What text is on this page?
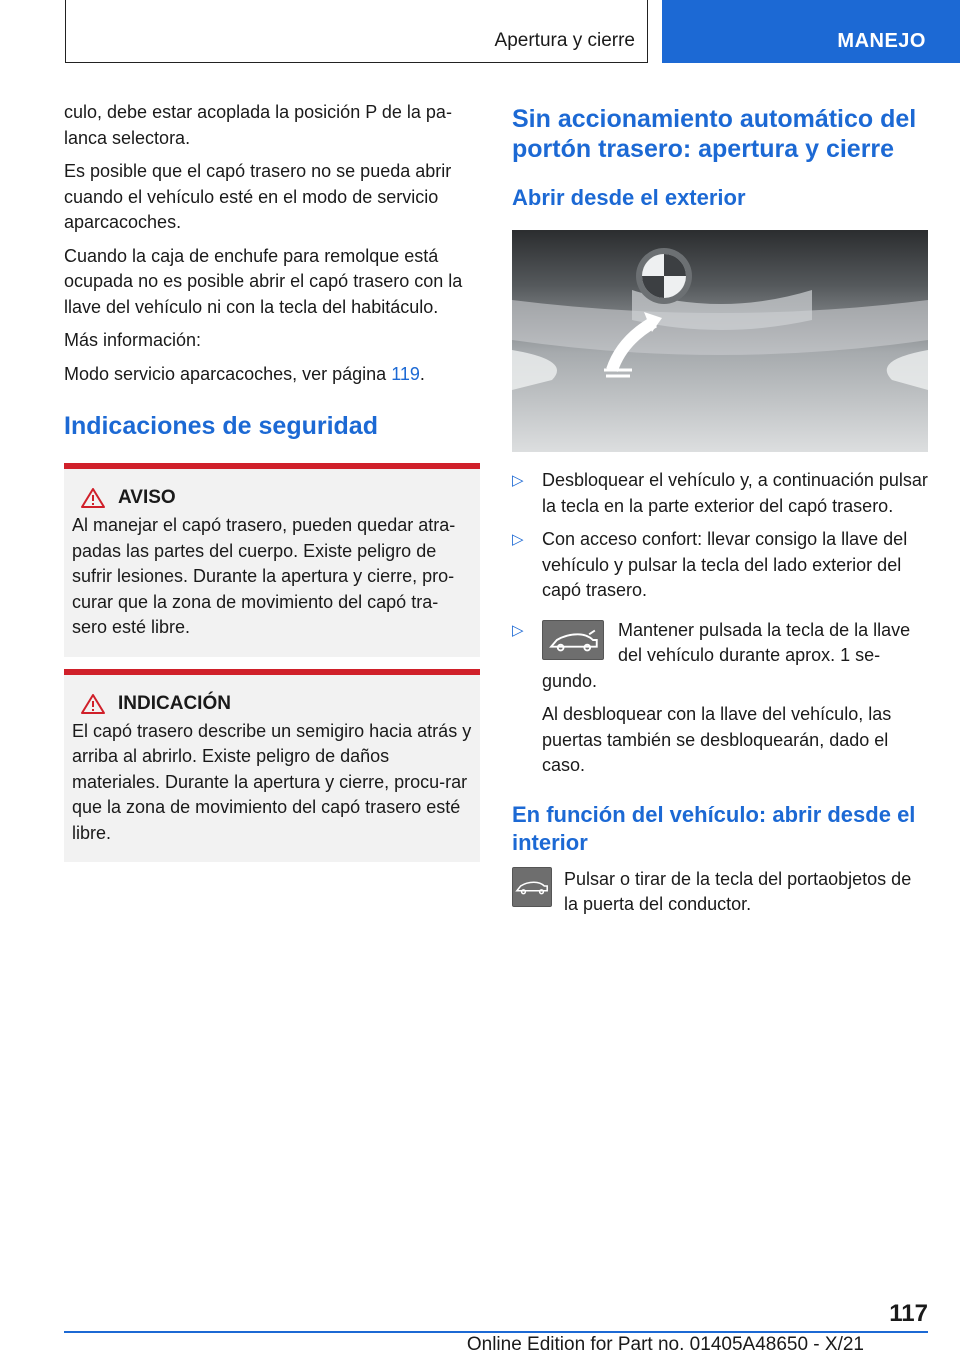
Apertura y cierre	MANEJO

culo, debe estar acoplada la posición P de la pa-lanca selectora.

Es posible que el capó trasero no se pueda abrir cuando el vehículo esté en el modo de servicio aparcacoches.

Cuando la caja de enchufe para remolque está ocupada no es posible abrir el capó trasero con la llave del vehículo ni con la tecla del habitáculo.

Más información:

Modo servicio aparcacoches, ver página 119.

Indicaciones de seguridad
AVISO

Al manejar el capó trasero, pueden quedar atra-padas las partes del cuerpo. Existe peligro de sufrir lesiones. Durante la apertura y cierre, pro-curar que la zona de movimiento del capó tra-sero esté libre.

INDICACIÓN

El capó trasero describe un semigiro hacia atrás y arriba al abrirlo. Existe peligro de daños materiales. Durante la apertura y cierre, procu-rar que la zona de movimiento del capó trasero esté libre.

Sin accionamiento automático del portón trasero: apertura y cierre
Abrir desde el exterior
▷	Desbloquear el vehículo y, a continuación pulsar la tecla en la parte exterior del capó trasero.
▷	Con acceso confort: llevar consigo la llave del vehículo y pulsar la tecla del lado exterior del capó trasero.
▷	Mantener pulsada la tecla de la llave del vehículo durante aprox. 1 se-gundo.

Al desbloquear con la llave del vehículo, las puertas también se desbloquearán, dado el caso.

En función del vehículo: abrir desde el interior
Pulsar o tirar de la tecla del portaobjetos de la puerta del conductor.
117
Online Edition for Part no. 01405A48650 - X/21
